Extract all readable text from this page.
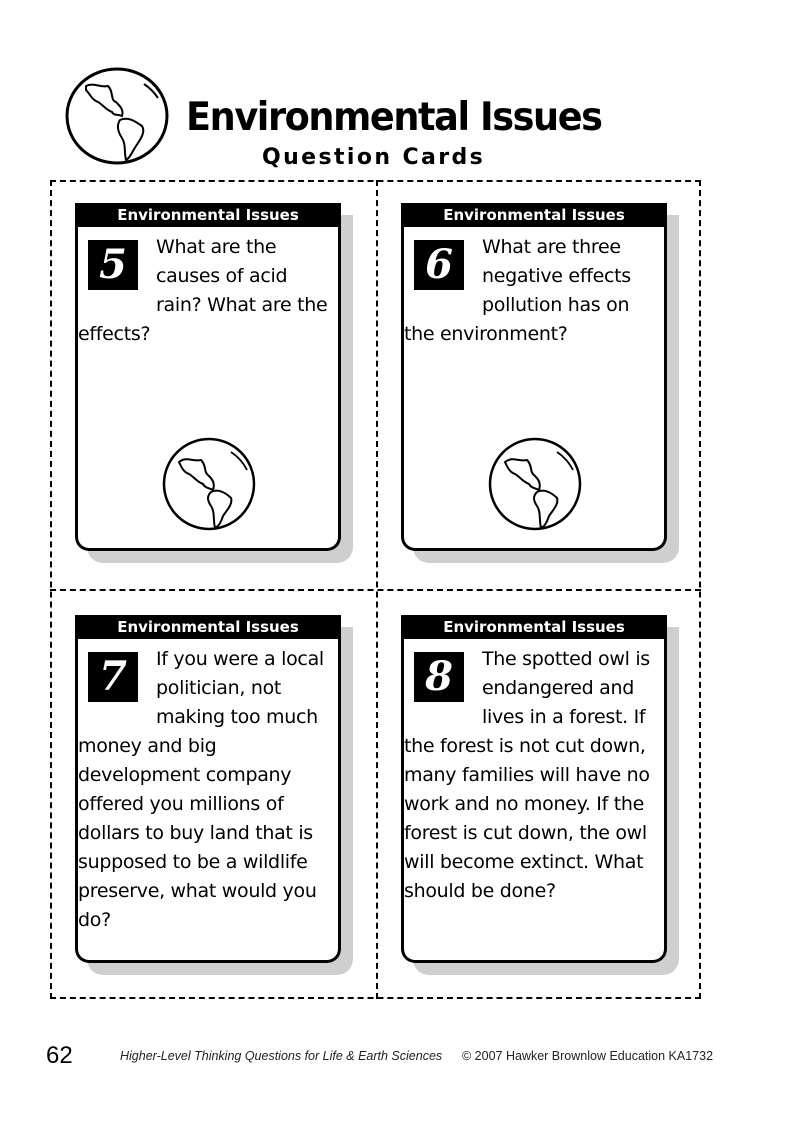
Environmental Issues
Question Cards
Environmental Issues
5	What are the causes of acid rain? What are the effects?

Environmental Issues
6	What are three negative effects pollution has on the environment?

Environmental Issues
7	If you were a local politician, not making too much money and big development company offered you millions of dollars to buy land that is supposed to be a wildlife preserve, what would you do?

Environmental Issues
8	The spotted owl is endangered and lives in a forest. If the forest is not cut down, many families will have no work and no money. If the forest is cut down, the owl will become extinct. What should be done?

62	Higher-Level Thinking Questions for Life & Earth Sciences © 2007 Hawker Brownlow Education KA1732
